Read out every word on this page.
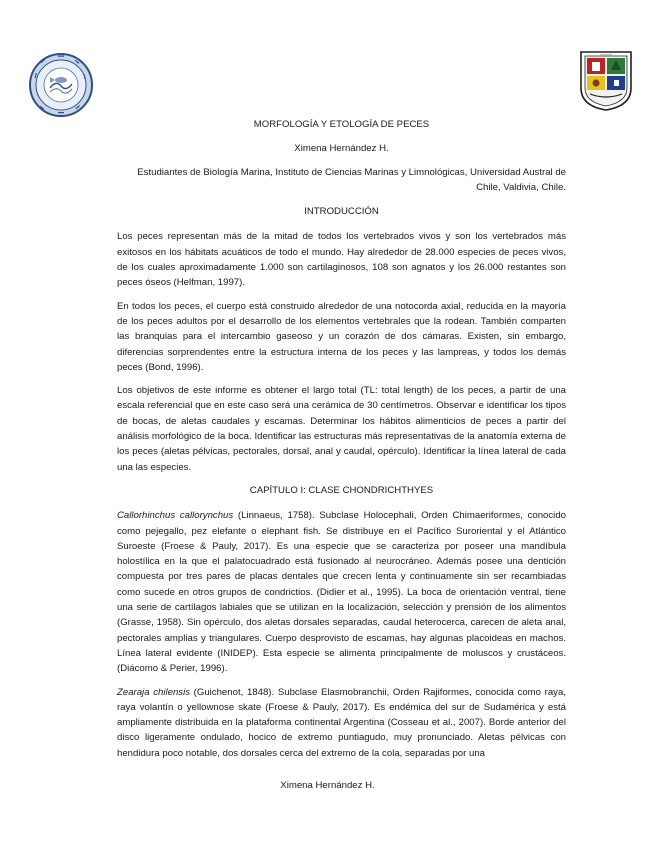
ꟷꟷꟷꟷꟷ

MORFOLOGÍA Y ETOLOGÍA DE PECES

Ximena Hernández H.

Estudiantes de Biología Marina, Instituto de Ciencias Marinas y Limnológicas, Universidad Austral de Chile, Valdivia, Chile.

INTRODUCCIÓN

Los peces representan más de la mitad de todos los vertebrados vivos y son los vertebrados más exitosos en los hábitats acuáticos de todo el mundo. Hay alrededor de 28.000 especies de peces vivos, de los cuales aproximadamente 1.000 son cartilaginosos, 108 son agnatos y los 26.000 restantes son peces óseos (Helfman, 1997).

En todos los peces, el cuerpo está construido alrededor de una notocorda axial, reducida en la mayoría de los peces adultos por el desarrollo de los elementos vertebrales que la rodean. También comparten las branquias para el intercambio gaseoso y un corazón de dos cámaras. Existen, sin embargo, diferencias sorprendentes entre la estructura interna de los peces y las lampreas, y todos los demás peces (Bond, 1996).

Los objetivos de este informe es obtener el largo total (TL: total length) de los peces, a partir de una escala referencial que en este caso será una cerámica de 30 centímetros. Observar e identificar los tipos de bocas, de aletas caudales y escamas. Determinar los hábitos alimenticios de peces a partir del análisis morfológico de la boca. Identificar las estructuras más representativas de la anatomía externa de los peces (aletas pélvicas, pectorales, dorsal, anal y caudal, opérculo). Identificar la línea lateral de cada una las especies.

CAPÍTULO I: CLASE CHONDRICHTHYES

Callorhinchus callorynchus (Linnaeus, 1758). Subclase Holocephali, Orden Chimaeriformes, conocido como pejegallo, pez elefante o elephant fish. Se distribuye en el Pacífico Suroriental y el Atlántico Suroeste (Froese & Pauly, 2017). Es una especie que se caracteriza por poseer una mandíbula holostílica en la que el palatocuadrado está fusionado al neurocráneo. Además posee una dentición compuesta por tres pares de placas dentales que crecen lenta y continuamente sin ser recambiadas como sucede en otros grupos de condrictios. (Didier et al., 1995). La boca de orientación ventral, tiene una serie de cartílagos labiales que se utilizan en la localización, selección y prensión de los alimentos (Grasse, 1958). Sin opérculo, dos aletas dorsales separadas, caudal heterocerca, carecen de aleta anal, pectorales amplias y triangulares. Cuerpo desprovisto de escamas, hay algunas placoideas en machos. Línea lateral evidente (INIDEP). Esta especie se alimenta principalmente de moluscos y crustáceos. (Diácomo & Perier, 1996).

Zearaja chilensis (Guichenot, 1848). Subclase Elasmobranchii, Orden Rajiformes, conocida como raya, raya volantín o yellownose skate (Froese & Pauly, 2017). Es endémica del sur de Sudamérica y está ampliamente distribuida en la plataforma continental Argentina (Cosseau et al., 2007). Borde anterior del disco ligeramente ondulado, hocico de extremo puntiagudo, muy pronunciado. Aletas pélvicas con hendidura poco notable, dos dorsales cerca del extremo de la cola, separadas por una

Ximena Hernández H.
